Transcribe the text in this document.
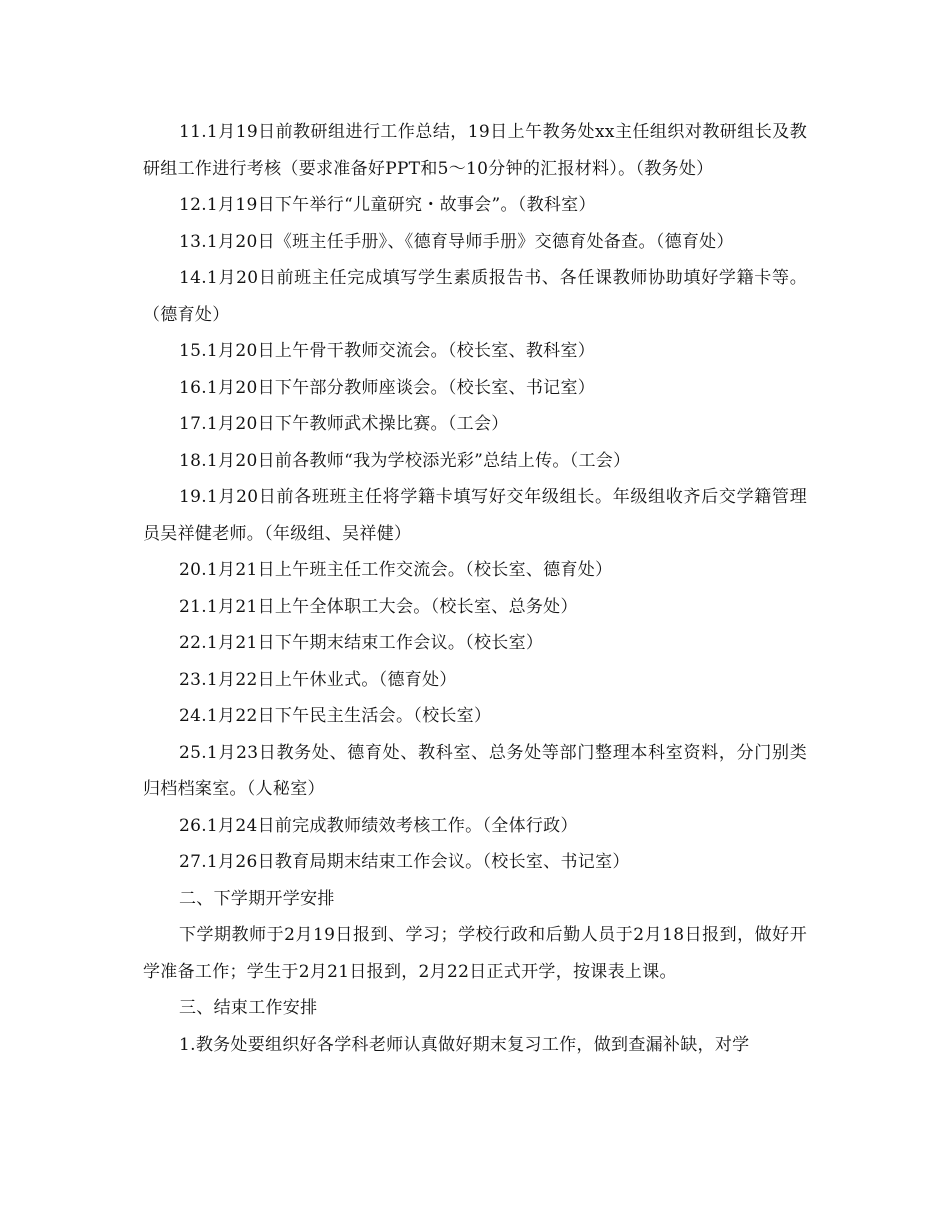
11.1月19日前教研组进行工作总结，19日上午教务处xx主任组织对教研组长及教研组工作进行考核（要求准备好PPT和5～10分钟的汇报材料）。（教务处）

12.1月19日下午举行“儿童研究・故事会”。（教科室）

13.1月20日《班主任手册》、《德育导师手册》交德育处备查。（德育处）

14.1月20日前班主任完成填写学生素质报告书、各任课教师协助填好学籍卡等。（德育处）

15.1月20日上午骨干教师交流会。（校长室、教科室）

16.1月20日下午部分教师座谈会。（校长室、书记室）

17.1月20日下午教师武术操比赛。（工会）

18.1月20日前各教师“我为学校添光彩”总结上传。（工会）

19.1月20日前各班班主任将学籍卡填写好交年级组长。年级组收齐后交学籍管理员吴祥健老师。（年级组、吴祥健）

20.1月21日上午班主任工作交流会。（校长室、德育处）

21.1月21日上午全体职工大会。（校长室、总务处）

22.1月21日下午期末结束工作会议。（校长室）

23.1月22日上午休业式。（德育处）

24.1月22日下午民主生活会。（校长室）

25.1月23日教务处、德育处、教科室、总务处等部门整理本科室资料，分门别类归档档案室。（人秘室）

26.1月24日前完成教师绩效考核工作。（全体行政）

27.1月26日教育局期末结束工作会议。（校长室、书记室）

二、下学期开学安排

下学期教师于2月19日报到、学习；学校行政和后勤人员于2月18日报到，做好开学准备工作；学生于2月21日报到，2月22日正式开学，按课表上课。

三、结束工作安排

1.教务处要组织好各学科老师认真做好期末复习工作，做到查漏补缺，对学
